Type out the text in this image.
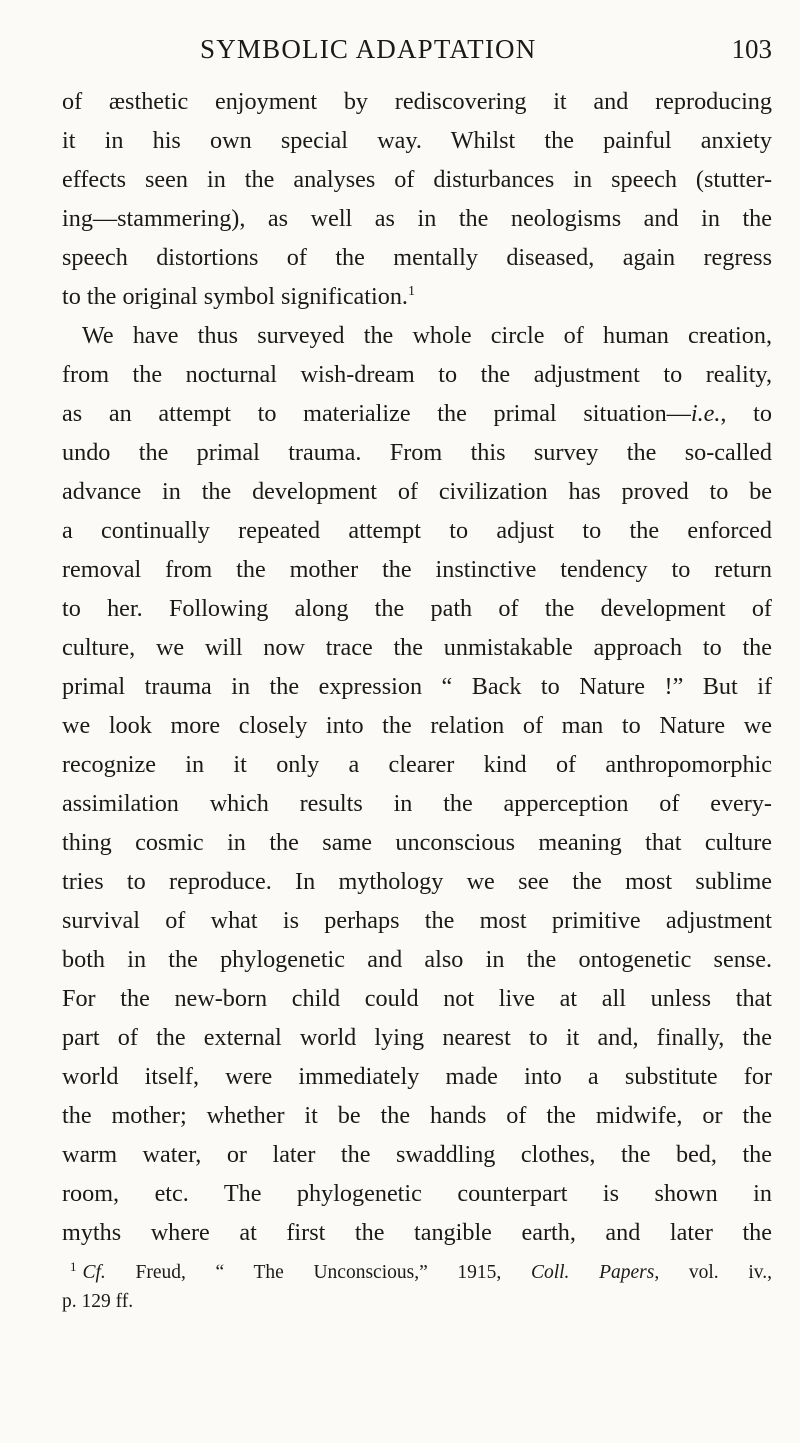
SYMBOLIC ADAPTATION	103

of æsthetic enjoyment by rediscovering it and reproducing
it in his own special way. Whilst the painful anxiety
effects seen in the analyses of disturbances in speech (stutter-
ing—stammering), as well as in the neologisms and in the
speech distortions of the mentally diseased, again regress
to the original symbol signification.$^1$

We have thus surveyed the whole circle of human creation,
from the nocturnal wish-dream to the adjustment to reality,
as an attempt to materialize the primal situation—i.e., to
undo the primal trauma. From this survey the so-called
advance in the development of civilization has proved to be
a continually repeated attempt to adjust to the enforced
removal from the mother the instinctive tendency to return
to her. Following along the path of the development of
culture, we will now trace the unmistakable approach to the
primal trauma in the expression “ Back to Nature !” But if
we look more closely into the relation of man to Nature we
recognize in it only a clearer kind of anthropomorphic
assimilation which results in the apperception of every-
thing cosmic in the same unconscious meaning that culture
tries to reproduce. In mythology we see the most sublime
survival of what is perhaps the most primitive adjustment
both in the phylogenetic and also in the ontogenetic sense.
For the new-born child could not live at all unless that
part of the external world lying nearest to it and, finally, the
world itself, were immediately made into a substitute for
the mother; whether it be the hands of the midwife, or the
warm water, or later the swaddling clothes, the bed, the
room, etc. The phylogenetic counterpart is shown in
myths where at first the tangible earth, and later the

$^1$ Cf. Freud, “ The Unconscious,” 1915, Coll. Papers, vol. iv.,
p. 129 ff.
